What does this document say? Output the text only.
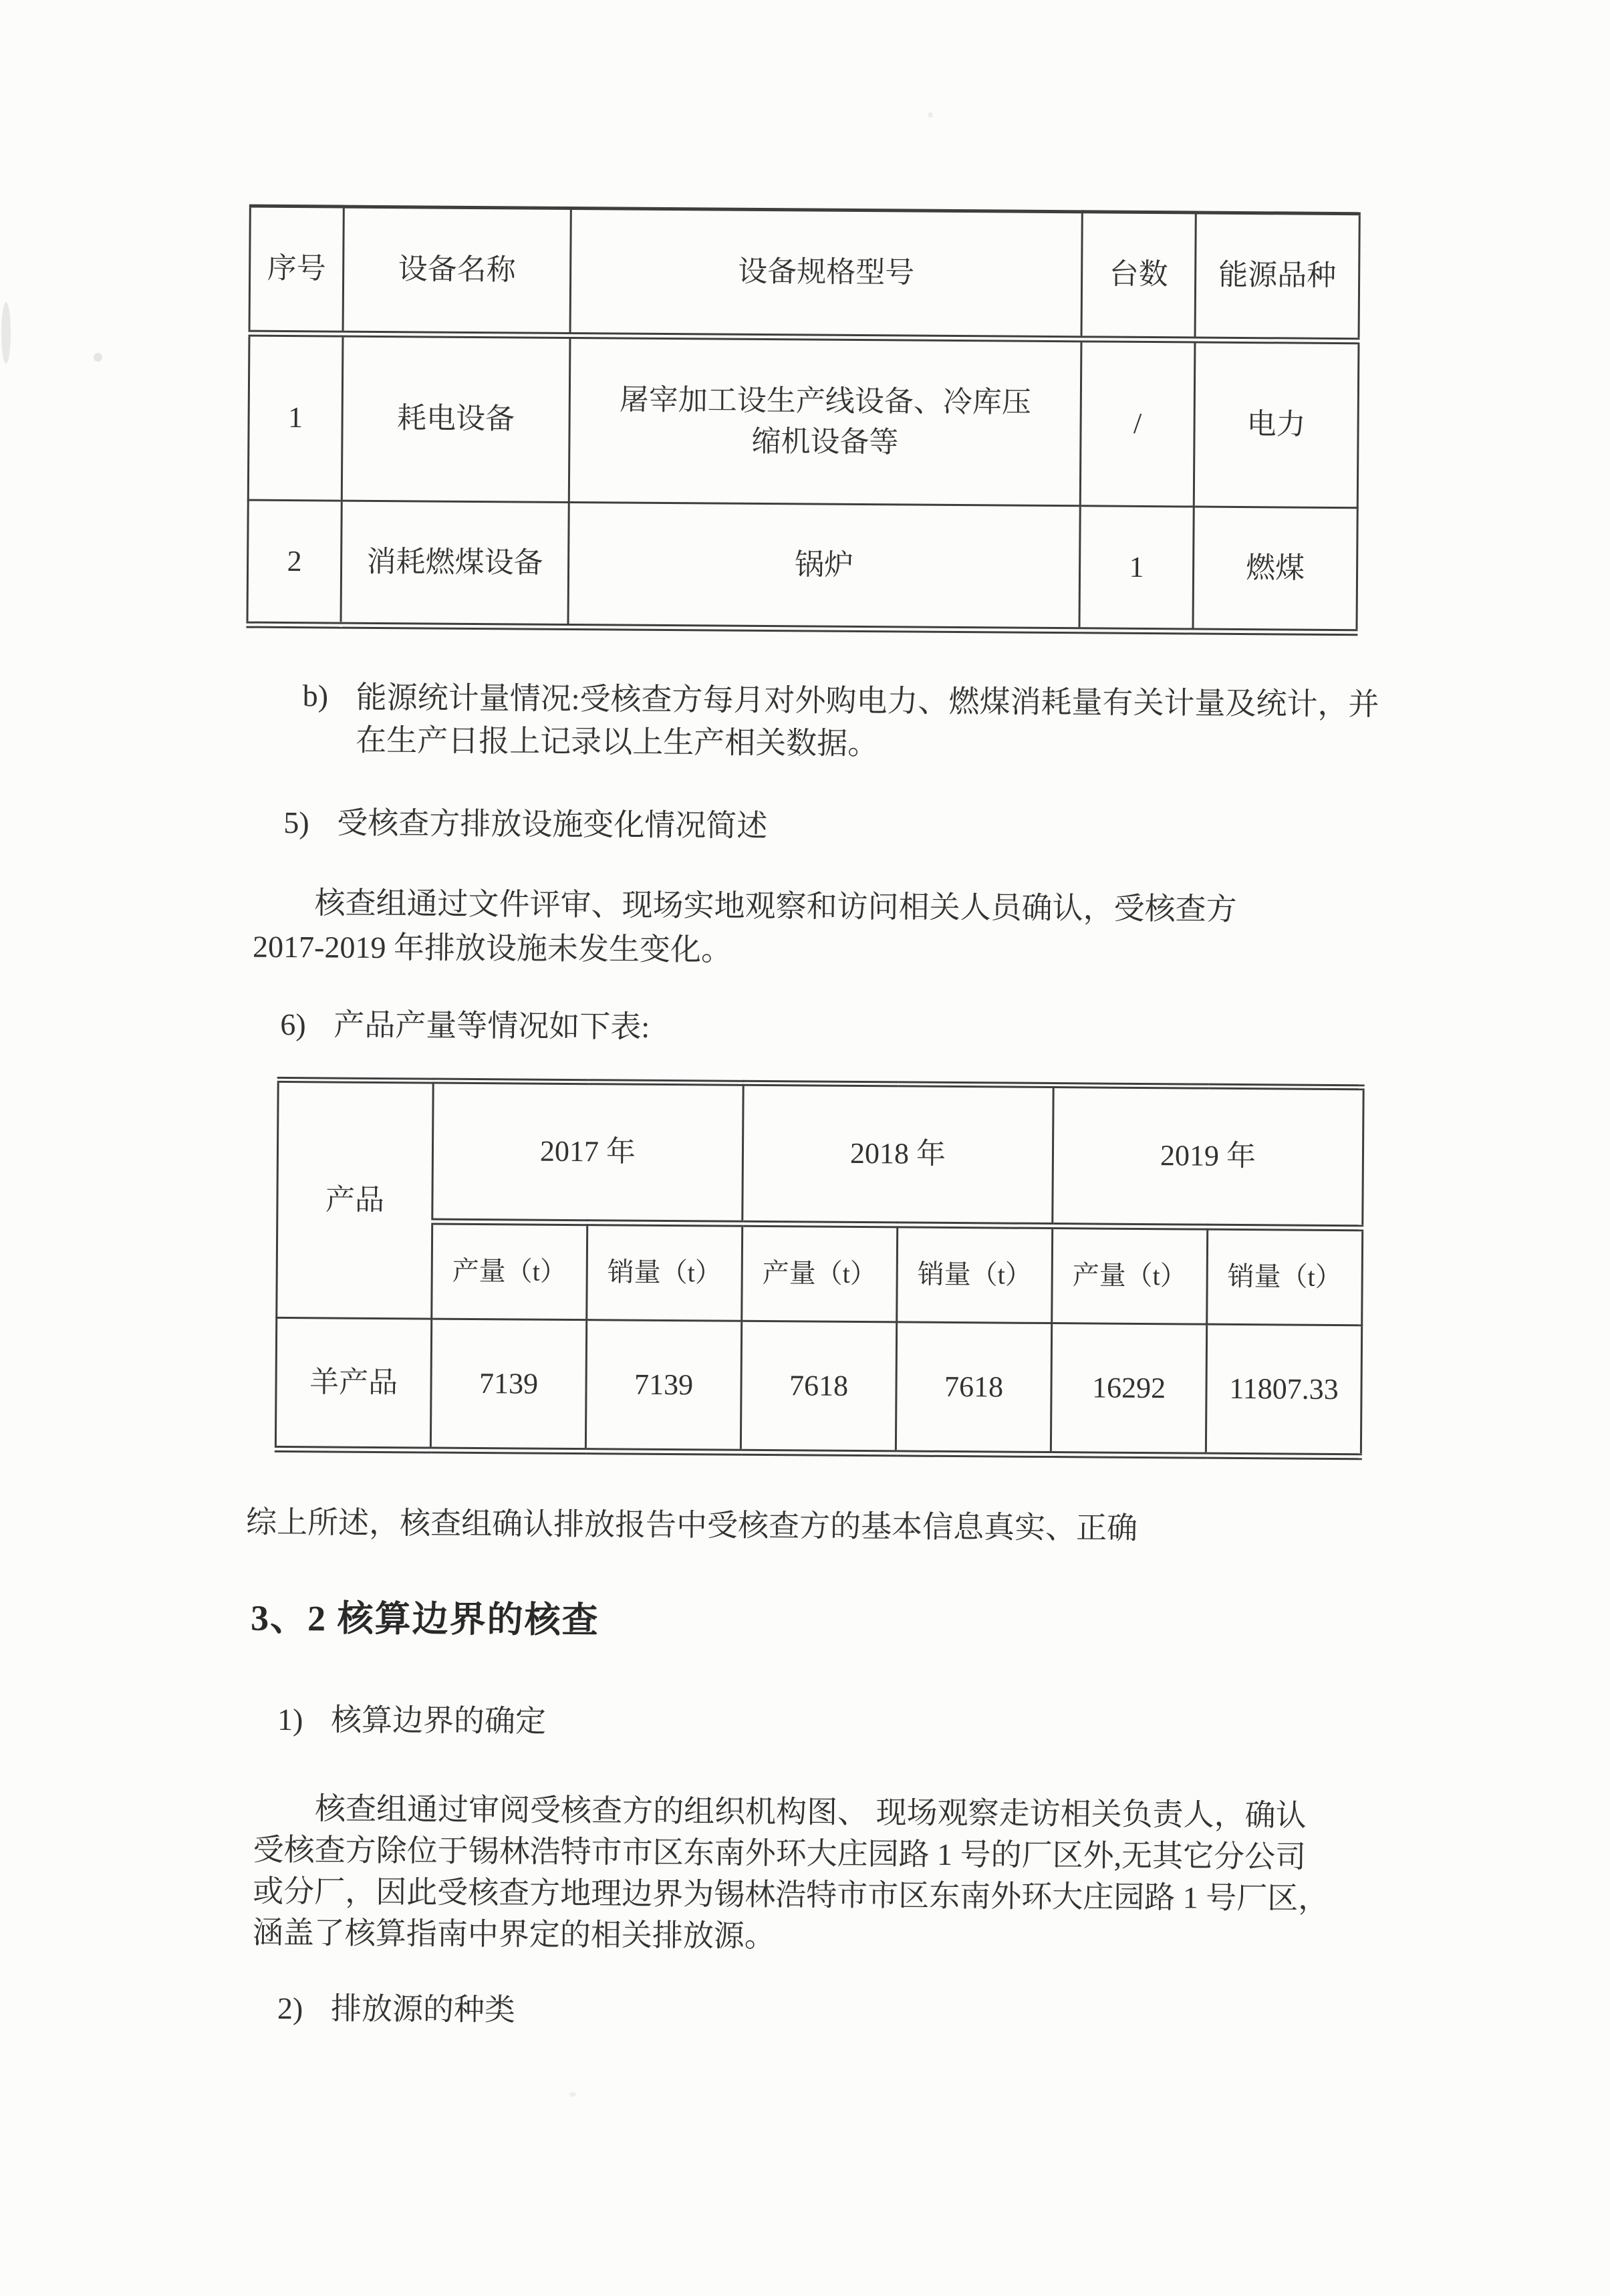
序号	设备名称	设备规格型号	台数	能源品种
1	耗电设备	屠宰加工设生产线设备、冷库压缩机设备等	/	电力
2	消耗燃煤设备	锅炉	1	燃煤
b) 能源统计量情况:受核查方每月对外购电力、燃煤消耗量有关计量及统计，并在生产日报上记录以上生产相关数据。
5) 受核查方排放设施变化情况简述
核查组通过文件评审、现场实地观察和访问相关人员确认，受核查方
2017-2019 年排放设施未发生变化。
6) 产品产量等情况如下表:
产品	2017 年		2018 年		2019 年	
	产量（t）	销量（t）	产量（t）	销量（t）	产量（t）	销量（t）
羊产品	7139	7139	7618	7618	16292	11807.33
综上所述，核查组确认排放报告中受核查方的基本信息真实、正确
3、2 核算边界的核查
1) 核算边界的确定
核查组通过审阅受核查方的组织机构图、 现场观察走访相关负责人，确认
受核查方除位于锡林浩特市市区东南外环大庄园路 1 号的厂区外,无其它分公司
或分厂，因此受核查方地理边界为锡林浩特市市区东南外环大庄园路 1 号厂区，
涵盖了核算指南中界定的相关排放源。
2) 排放源的种类
